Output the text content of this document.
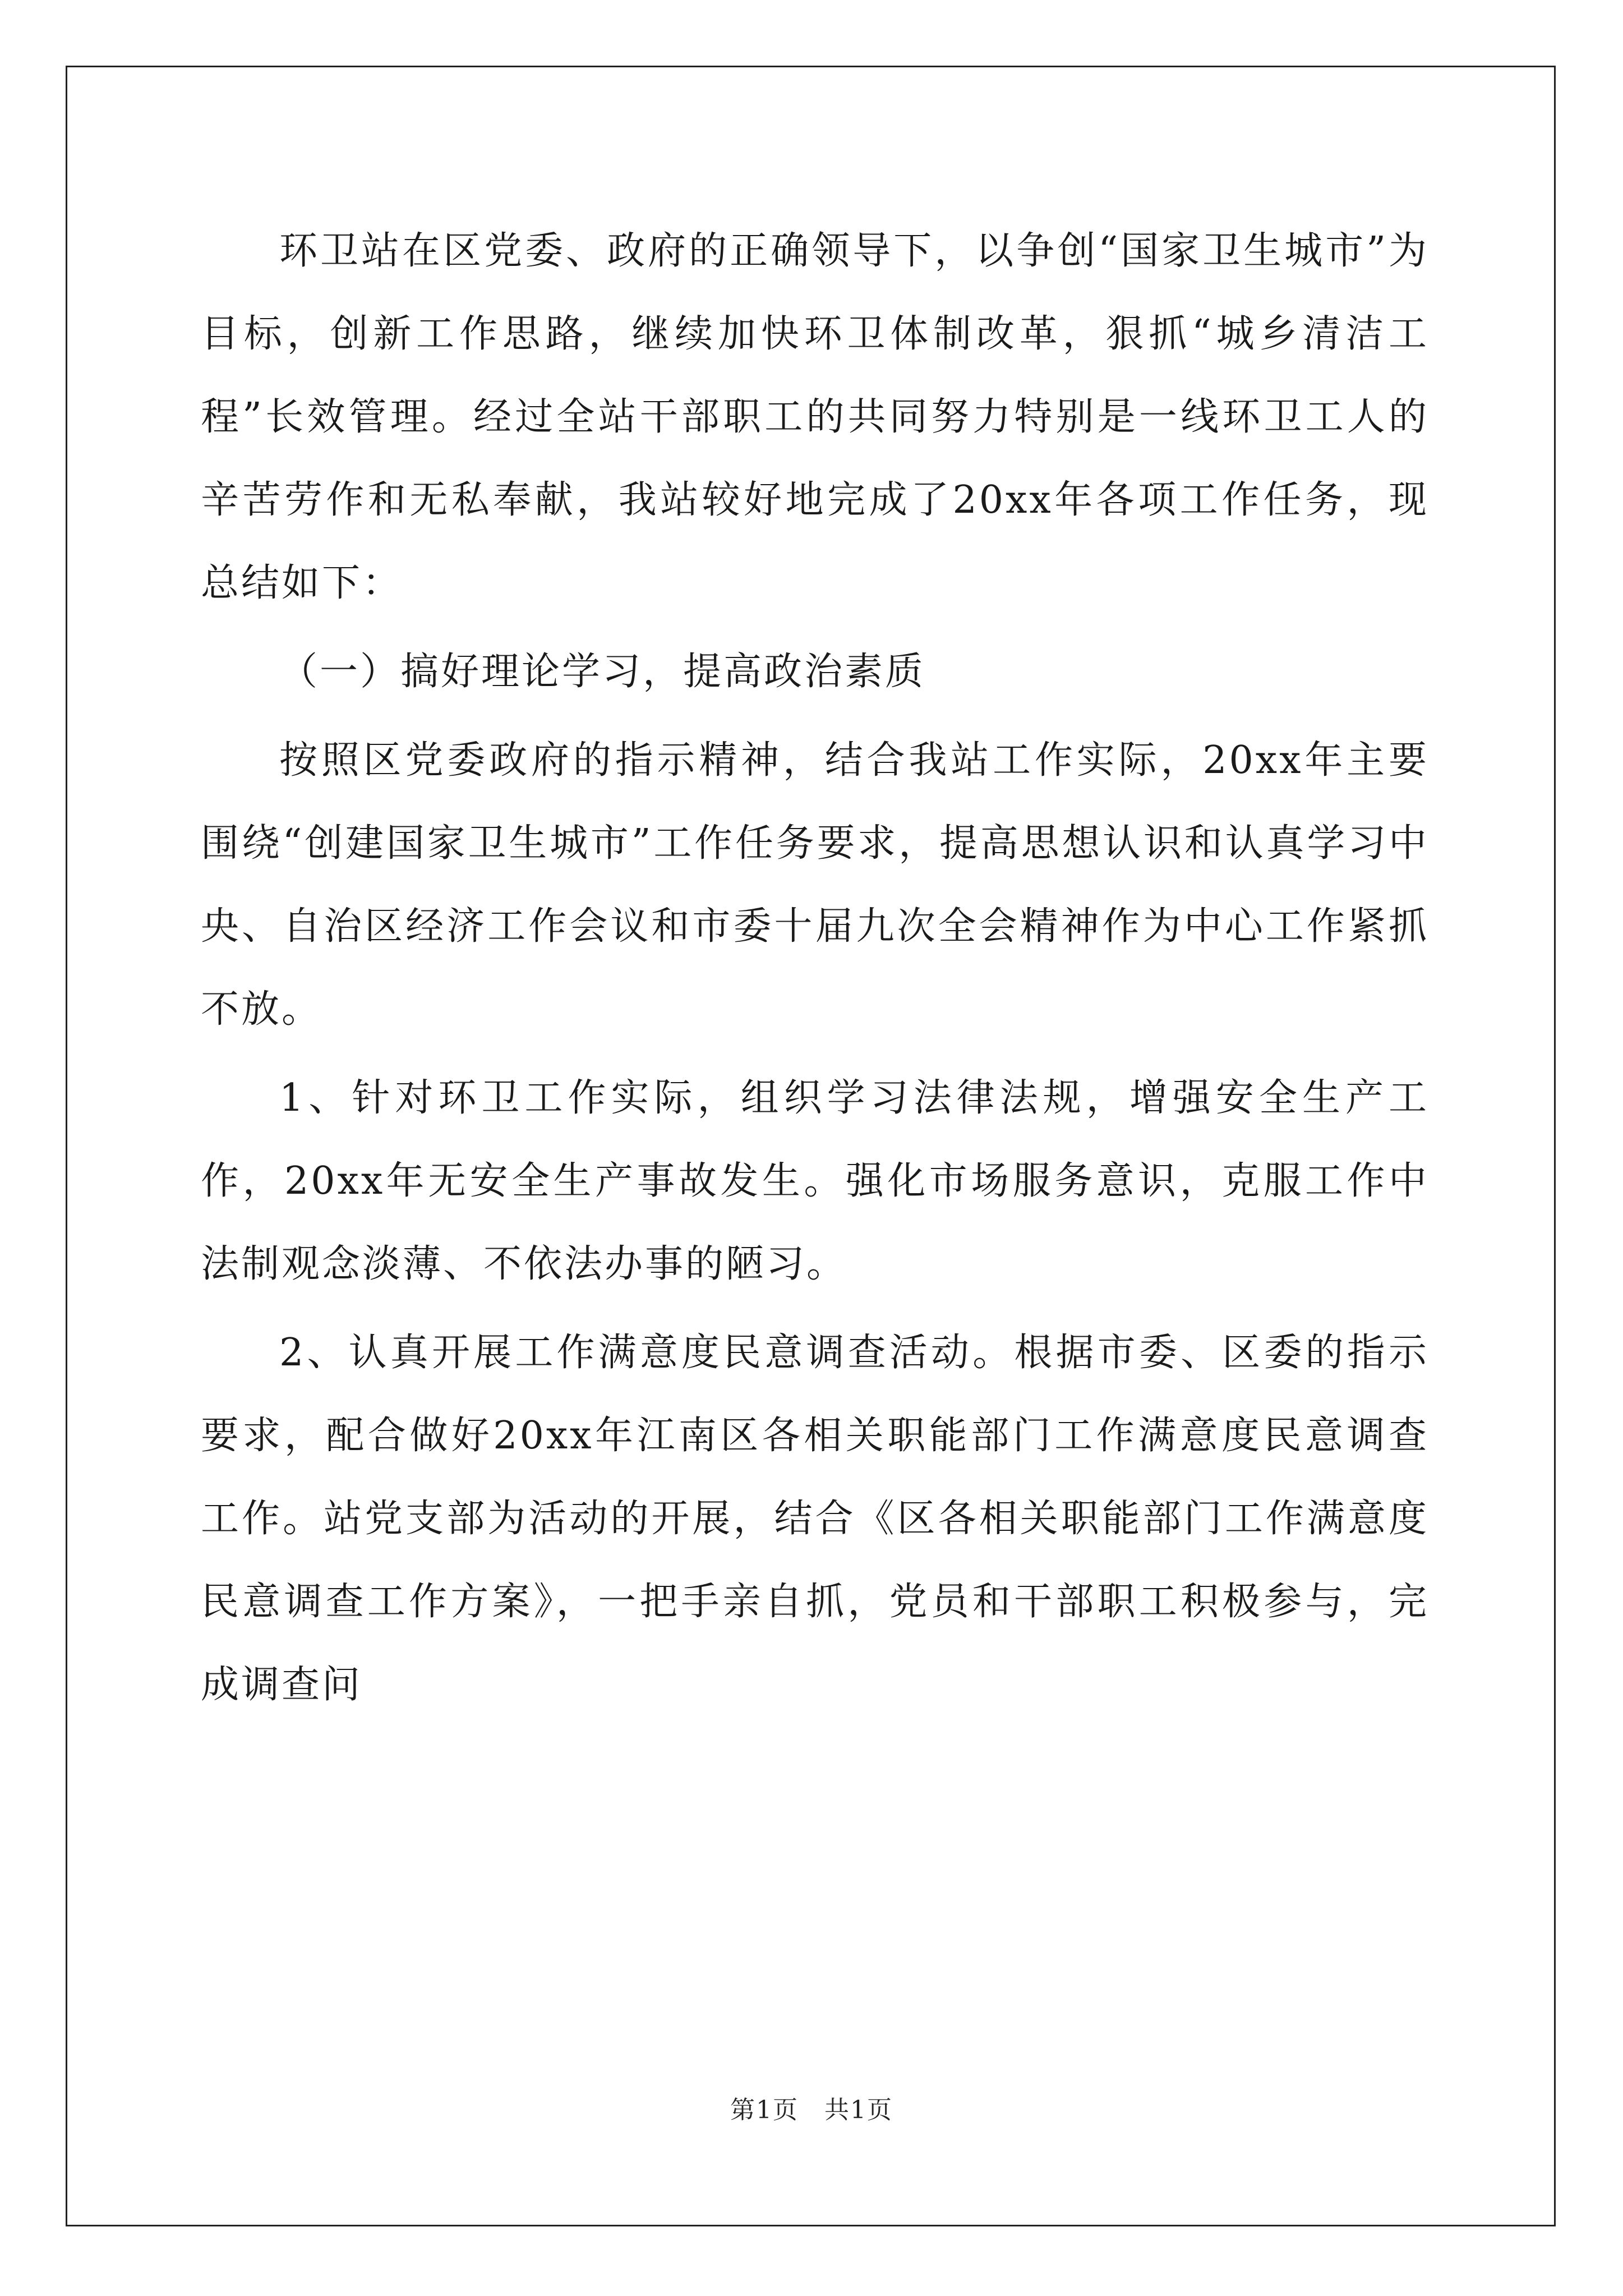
环卫站在区党委、政府的正确领导下，以争创“国家卫生城市”为目标，创新工作思路，继续加快环卫体制改革，狠抓“城乡清洁工程”长效管理。经过全站干部职工的共同努力特别是一线环卫工人的辛苦劳作和无私奉献，我站较好地完成了20xx年各项工作任务，现总结如下：

（一）搞好理论学习，提高政治素质

按照区党委政府的指示精神，结合我站工作实际，20xx年主要围绕“创建国家卫生城市”工作任务要求，提高思想认识和认真学习中央、自治区经济工作会议和市委十届九次全会精神作为中心工作紧抓不放。

1、针对环卫工作实际，组织学习法律法规，增强安全生产工作，20xx年无安全生产事故发生。强化市场服务意识，克服工作中法制观念淡薄、不依法办事的陋习。

2、认真开展工作满意度民意调查活动。根据市委、区委的指示要求，配合做好20xx年江南区各相关职能部门工作满意度民意调查工作。站党支部为活动的开展，结合《区各相关职能部门工作满意度民意调查工作方案》，一把手亲自抓，党员和干部职工积极参与，完成调查问

第1页　共1页
